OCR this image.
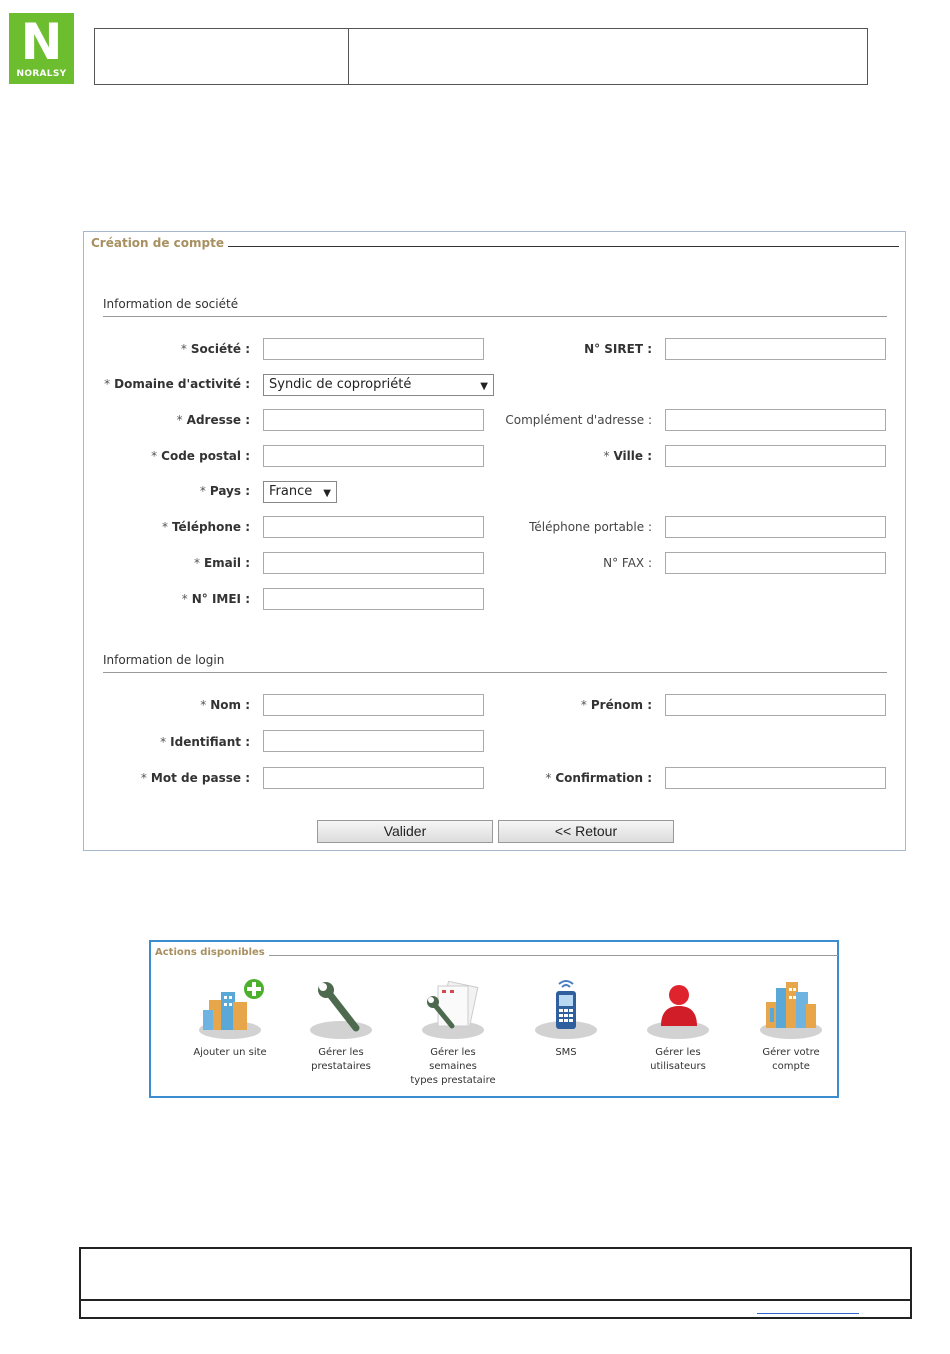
N
NORALSY
Création de compte
Information de société
* Société :	N° SIRET :
* Domaine d'activité :	Syndic de copropriété	▼
* Adresse :	Complément d'adresse :
* Code postal :	* Ville :
* Pays :	France ▼
* Téléphone :	Téléphone portable :
* Email :	N° FAX :
* N° IMEI :
Information de login
* Nom :	* Prénom :
* Identifiant :
* Mot de passe :	* Confirmation :
Valider	<< Retour
Actions disponibles
Ajouter un site	Gérer les
prestataires
Gérer les
semaines
types prestataire
SMS	Gérer les
utilisateurs
Gérer votre
compte
